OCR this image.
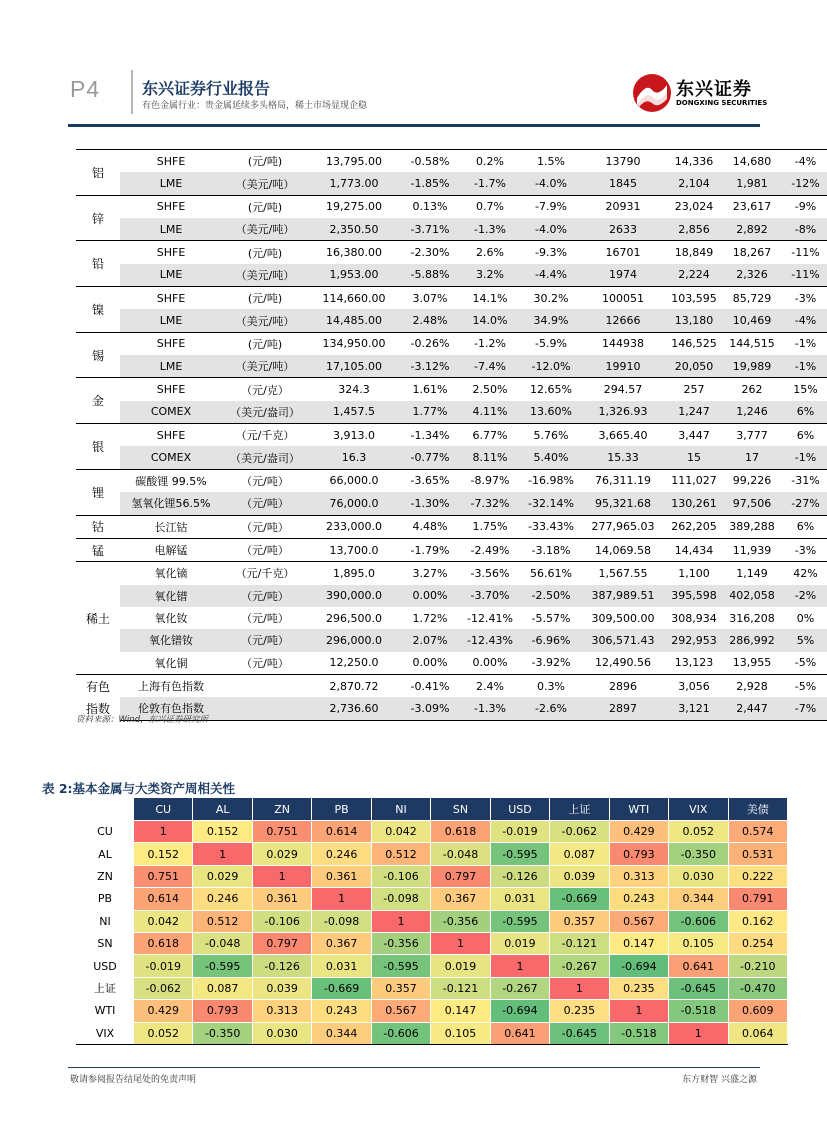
P4	东兴证券行业报告
有色金属行业：贵金属延续多头格局，稀土市场显现企稳
东兴证券
DONGXING SECURITIES
铝	SHFE	(元/吨)	13,795.00	-0.58%	0.2%	1.5%	13790	14,336	14,680	-4%
	LME	（美元/吨）	1,773.00	-1.85%	-1.7%	-4.0%	1845	2,104	1,981	-12%
锌	SHFE	(元/吨)	19,275.00	0.13%	0.7%	-7.9%	20931	23,024	23,617	-9%
	LME	（美元/吨）	2,350.50	-3.71%	-1.3%	-4.0%	2633	2,856	2,892	-8%
铅	SHFE	(元/吨)	16,380.00	-2.30%	2.6%	-9.3%	16701	18,849	18,267	-11%
	LME	（美元/吨）	1,953.00	-5.88%	3.2%	-4.4%	1974	2,224	2,326	-11%
镍	SHFE	(元/吨)	114,660.00	3.07%	14.1%	30.2%	100051	103,595	85,729	-3%
	LME	（美元/吨）	14,485.00	2.48%	14.0%	34.9%	12666	13,180	10,469	-4%
锡	SHFE	(元/吨)	134,950.00	-0.26%	-1.2%	-5.9%	144938	146,525	144,515	-1%
	LME	（美元/吨）	17,105.00	-3.12%	-7.4%	-12.0%	19910	20,050	19,989	-1%
金	SHFE	（元/克）	324.3	1.61%	2.50%	12.65%	294.57	257	262	15%
	COMEX	（美元/盎司）	1,457.5	1.77%	4.11%	13.60%	1,326.93	1,247	1,246	6%
银	SHFE	（元/千克）	3,913.0	-1.34%	6.77%	5.76%	3,665.40	3,447	3,777	6%
	COMEX	（美元/盎司）	16.3	-0.77%	8.11%	5.40%	15.33	15	17	-1%
锂	碳酸锂 99.5%	（元/吨）	66,000.0	-3.65%	-8.97%	-16.98%	76,311.19	111,027	99,226	-31%
	氢氧化锂56.5%	（元/吨）	76,000.0	-1.30%	-7.32%	-32.14%	95,321.68	130,261	97,506	-27%
钴	长江钴	（元/吨）	233,000.0	4.48%	1.75%	-33.43%	277,965.03	262,205	389,288	6%
锰	电解锰	（元/吨）	13,700.0	-1.79%	-2.49%	-3.18%	14,069.58	14,434	11,939	-3%
稀土	氧化镝	（元/千克）	1,895.0	3.27%	-3.56%	56.61%	1,567.55	1,100	1,149	42%
	氧化镨	（元/吨）	390,000.0	0.00%	-3.70%	-2.50%	387,989.51	395,598	402,058	-2%
	氧化钕	（元/吨）	296,500.0	1.72%	-12.41%	-5.57%	309,500.00	308,934	316,208	0%
	氧化镨钕	（元/吨）	296,000.0	2.07%	-12.43%	-6.96%	306,571.43	292,953	286,992	5%
	氧化铜	（元/吨）	12,250.0	0.00%	0.00%	-3.92%	12,490.56	13,123	13,955	-5%
有色指数	上海有色指数		2,870.72	-0.41%	2.4%	0.3%	2896	3,056	2,928	-5%
	伦敦有色指数		2,736.60	-3.09%	-1.3%	-2.6%	2897	3,121	2,447	-7%
资料来源：Wind，东兴证券研究所
表 2:基本金属与大类资产周相关性
	CU	AL	ZN	PB	NI	SN	USD	上证	WTI	VIX	美债
CU	1	0.152	0.751	0.614	0.042	0.618	-0.019	-0.062	0.429	0.052	0.574
AL	0.152	1	0.029	0.246	0.512	-0.048	-0.595	0.087	0.793	-0.350	0.531
ZN	0.751	0.029	1	0.361	-0.106	0.797	-0.126	0.039	0.313	0.030	0.222
PB	0.614	0.246	0.361	1	-0.098	0.367	0.031	-0.669	0.243	0.344	0.791
NI	0.042	0.512	-0.106	-0.098	1	-0.356	-0.595	0.357	0.567	-0.606	0.162
SN	0.618	-0.048	0.797	0.367	-0.356	1	0.019	-0.121	0.147	0.105	0.254
USD	-0.019	-0.595	-0.126	0.031	-0.595	0.019	1	-0.267	-0.694	0.641	-0.210
上证	-0.062	0.087	0.039	-0.669	0.357	-0.121	-0.267	1	0.235	-0.645	-0.470
WTI	0.429	0.793	0.313	0.243	0.567	0.147	-0.694	0.235	1	-0.518	0.609
VIX	0.052	-0.350	0.030	0.344	-0.606	0.105	0.641	-0.645	-0.518	1	0.064
敬请参阅报告结尾处的免责声明	东方财智 兴盛之源
